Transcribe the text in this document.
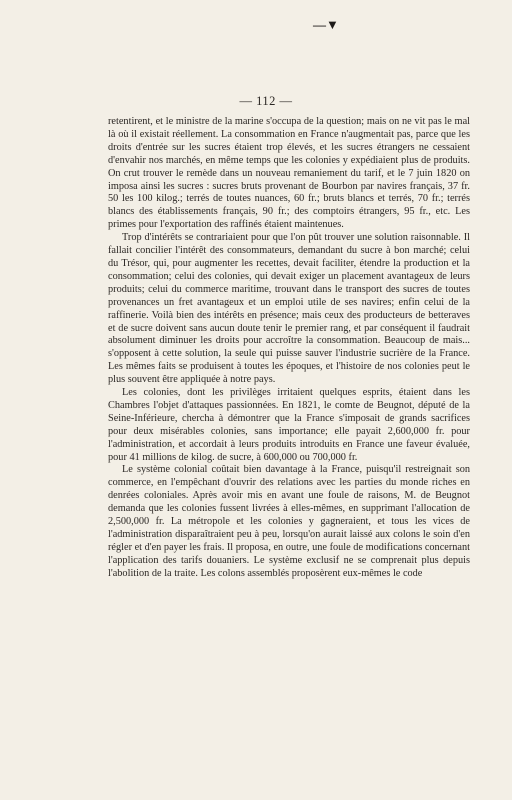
—▼
— 112 —

retentirent, et le ministre de la marine s'occupa de la question; mais on ne vit pas le mal là où il existait réellement. La consommation en France n'augmentait pas, parce que les droits d'entrée sur les sucres étaient trop élevés, et les sucres étrangers ne cessaient d'envahir nos marchés, en même temps que les colonies y expédiaient plus de produits. On crut trouver le remède dans un nouveau remaniement du tarif, et le 7 juin 1820 on imposa ainsi les sucres : sucres bruts provenant de Bourbon par navires français, 37 fr. 50 les 100 kilog.; terrés de toutes nuances, 60 fr.; bruts blancs et terrés, 70 fr.; terrés blancs des établissements français, 90 fr.; des comptoirs étrangers, 95 fr., etc. Les primes pour l'exportation des raffinés étaient maintenues.

Trop d'intérêts se contrariaient pour que l'on pût trouver une solution raisonnable. Il fallait concilier l'intérêt des consommateurs, demandant du sucre à bon marché; celui du Trésor, qui, pour augmenter les recettes, devait faciliter, étendre la production et la consommation; celui des colonies, qui devait exiger un placement avantageux de leurs produits; celui du commerce maritime, trouvant dans le transport des sucres de toutes provenances un fret avantageux et un emploi utile de ses navires; enfin celui de la raffinerie. Voilà bien des intérêts en présence; mais ceux des producteurs de betteraves et de sucre doivent sans aucun doute tenir le premier rang, et par conséquent il faudrait absolument diminuer les droits pour accroître la consommation. Beaucoup de mais... s'opposent à cette solution, la seule qui puisse sauver l'industrie sucrière de la France. Les mêmes faits se produisent à toutes les époques, et l'histoire de nos colonies peut le plus souvent être appliquée à notre pays.

Les colonies, dont les privilèges irritaient quelques esprits, étaient dans les Chambres l'objet d'attaques passionnées. En 1821, le comte de Beugnot, député de la Seine-Inférieure, chercha à démontrer que la France s'imposait de grands sacrifices pour deux misérables colonies, sans importance; elle payait 2,600,000 fr. pour l'administration, et accordait à leurs produits introduits en France une faveur évaluée, pour 41 millions de kilog. de sucre, à 600,000 ou 700,000 fr.

Le système colonial coûtait bien davantage à la France, puisqu'il restreignait son commerce, en l'empêchant d'ouvrir des relations avec les parties du monde riches en denrées coloniales. Après avoir mis en avant une foule de raisons, M. de Beugnot demanda que les colonies fussent livrées à elles-mêmes, en supprimant l'allocation de 2,500,000 fr. La métropole et les colonies y gagneraient, et tous les vices de l'administration disparaîtraient peu à peu, lorsqu'on aurait laissé aux colons le soin d'en régler et d'en payer les frais. Il proposa, en outre, une foule de modifications concernant l'application des tarifs douaniers. Le système exclusif ne se comprenait plus depuis l'abolition de la traite. Les colons assemblés proposèrent eux-mêmes le code
